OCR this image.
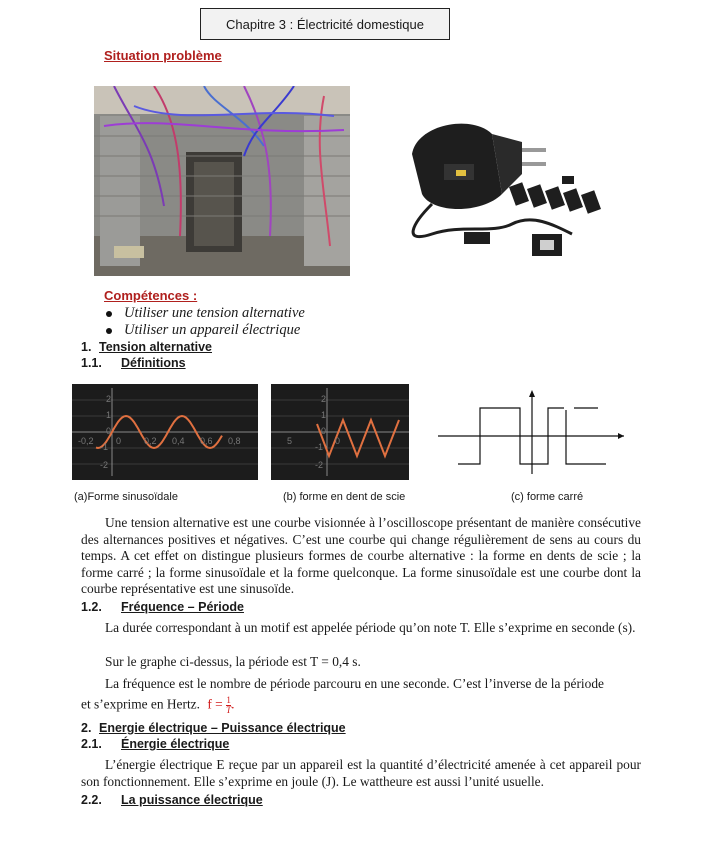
Chapitre 3 : Électricité domestique
Situation problème
Compétences :
Utiliser une tension alternative
Utiliser un appareil électrique
1. Tension alternative
1.1. Définitions
2
1
0
-1
-2
-0,2 0	0,2 0,4 0,6 0,8
2
1
0
-1
-2
5	0
(a)Forme sinusoïdale	(b) forme en dent de scie	(c) forme carré
Une tension alternative est une courbe visionnée à l’oscilloscope présentant de manière consécutive des alternances positives et négatives. C’est une courbe qui change régulièrement de sens au cours du temps. A cet effet on distingue plusieurs formes de courbe alternative : la forme en dents de scie ; la forme carré ; la forme sinusoïdale et la forme quelconque. La forme sinusoïdale est une courbe dont la courbe représentative est une sinusoïde.
1.2. Fréquence – Période
La durée correspondant à un motif est appelée période qu’on note T. Elle s’exprime en seconde (s).
Sur le graphe ci-dessus, la période est T = 0,4 s.
La fréquence est le nombre de période parcouru en une seconde. C’est l’inverse de la période
et s’exprime en Hertz. $f = \frac{1}{T}$ .
2. Energie électrique – Puissance électrique
2.1. Énergie électrique
L’énergie électrique E reçue par un appareil est la quantité d’électricité amenée à cet appareil pour son fonctionnement. Elle s’exprime en joule (J). Le wattheure est aussi l’unité usuelle.
2.2. La puissance électrique
